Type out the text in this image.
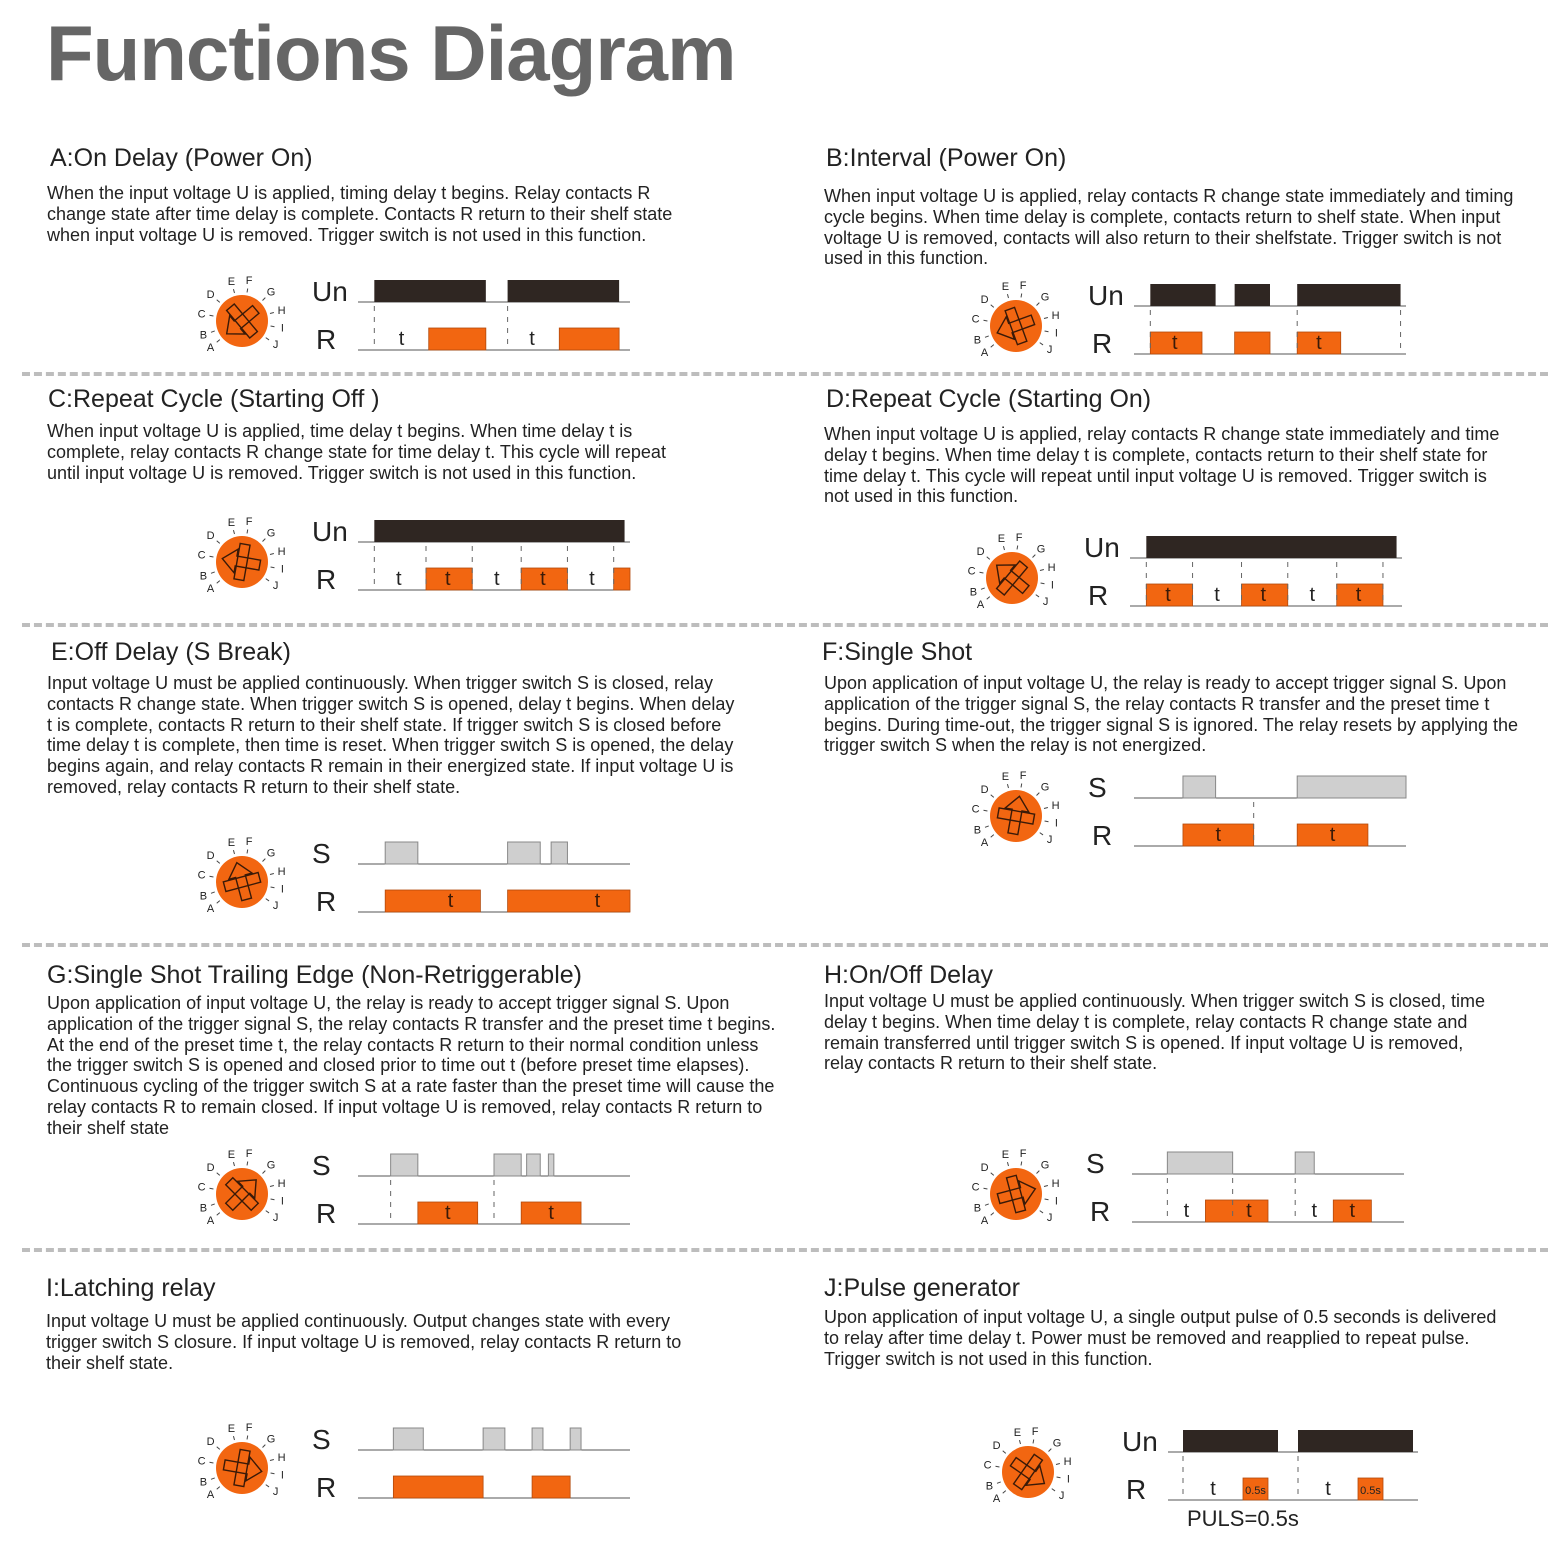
Functions Diagram
A:On Delay (Power On)
When the input voltage U is applied, timing delay t begins. Relay contacts R change state after time delay is complete. Contacts R return to their shelf state when input voltage U is removed. Trigger switch is not used in this function.
A
B
C
D
E F
G
H
I
J
Un
R	t	t
B:Interval (Power On)
When input voltage U is applied, relay contacts R change state immediately and timing cycle begins. When time delay is complete, contacts return to shelf state. When input voltage U is removed, contacts will also return to their shelfstate. Trigger switch is not used in this function.
A
B
C
D
E F
G
H
I
J
Un
R	t	t
C:Repeat Cycle (Starting Off )
When input voltage U is applied, time delay t begins. When time delay t is complete, relay contacts R change state for time delay t. This cycle will repeat until input voltage U is removed. Trigger switch is not used in this function.
A
B
C
D
E F
G
H
I
J
Un
R	t t t t t
D:Repeat Cycle (Starting On)
When input voltage U is applied, relay contacts R change state immediately and time delay t begins. When time delay t is complete, contacts return to their shelf state for time delay t. This cycle will repeat until input voltage U is removed. Trigger switch is not used in this function.
A
B
C
D
E F
G
H
I
J
Un
R	t t t t t
E:Off Delay (S Break)
Input voltage U must be applied continuously. When trigger switch S is closed, relay contacts R change state. When trigger switch S is opened, delay t begins. When delay t is complete, contacts R return to their shelf state. If trigger switch S is closed before time delay t is complete, then time is reset. When trigger switch S is opened, the delay begins again, and relay contacts R remain in their energized state. If input voltage U is removed, relay contacts R return to their shelf state.
A
B
C
D
E F
G
H
I
J
S
R	t	t
F:Single Shot
Upon application of input voltage U, the relay is ready to accept trigger signal S. Upon application of the trigger signal S, the relay contacts R transfer and the preset time t begins. During time-out, the trigger signal S is ignored. The relay resets by applying the trigger switch S when the relay is not energized.
A
B
C
D
E F
G
H
I
J
S
R	t	t
G:Single Shot Trailing Edge (Non-Retriggerable)
Upon application of input voltage U, the relay is ready to accept trigger signal S. Upon application of the trigger signal S, the relay contacts R transfer and the preset time t begins. At the end of the preset time t, the relay contacts R return to their normal condition unless the trigger switch S is opened and closed prior to time out t (before preset time elapses). Continuous cycling of the trigger switch S at a rate faster than the preset time will cause the relay contacts R to remain closed. If input voltage U is removed, relay contacts R return to their shelf state
A
B
C
D
E F
G
H
I
J
S
R	t	t
H:On/Off Delay
Input voltage U must be applied continuously. When trigger switch S is closed, time delay t begins. When time delay t is complete, relay contacts R change state and remain transferred until trigger switch S is opened. If input voltage U is removed, relay contacts R return to their shelf state.
A
B
C
D
E F
G
H
I
J
S
R	t	t	t t
I:Latching relay
Input voltage U must be applied continuously. Output changes state with every trigger switch S closure. If input voltage U is removed, relay contacts R return to their shelf state.
A
B
C
D
E F
G
H
I
J
S
R
J:Pulse generator
Upon application of input voltage U, a single output pulse of 0.5 seconds is delivered to relay after time delay t. Power must be removed and reapplied to repeat pulse. Trigger switch is not used in this function.
A
B
C
D
E F
G
H
I
J
Un
R	0.5s	0.5s
t	t
PULS=0.5s
